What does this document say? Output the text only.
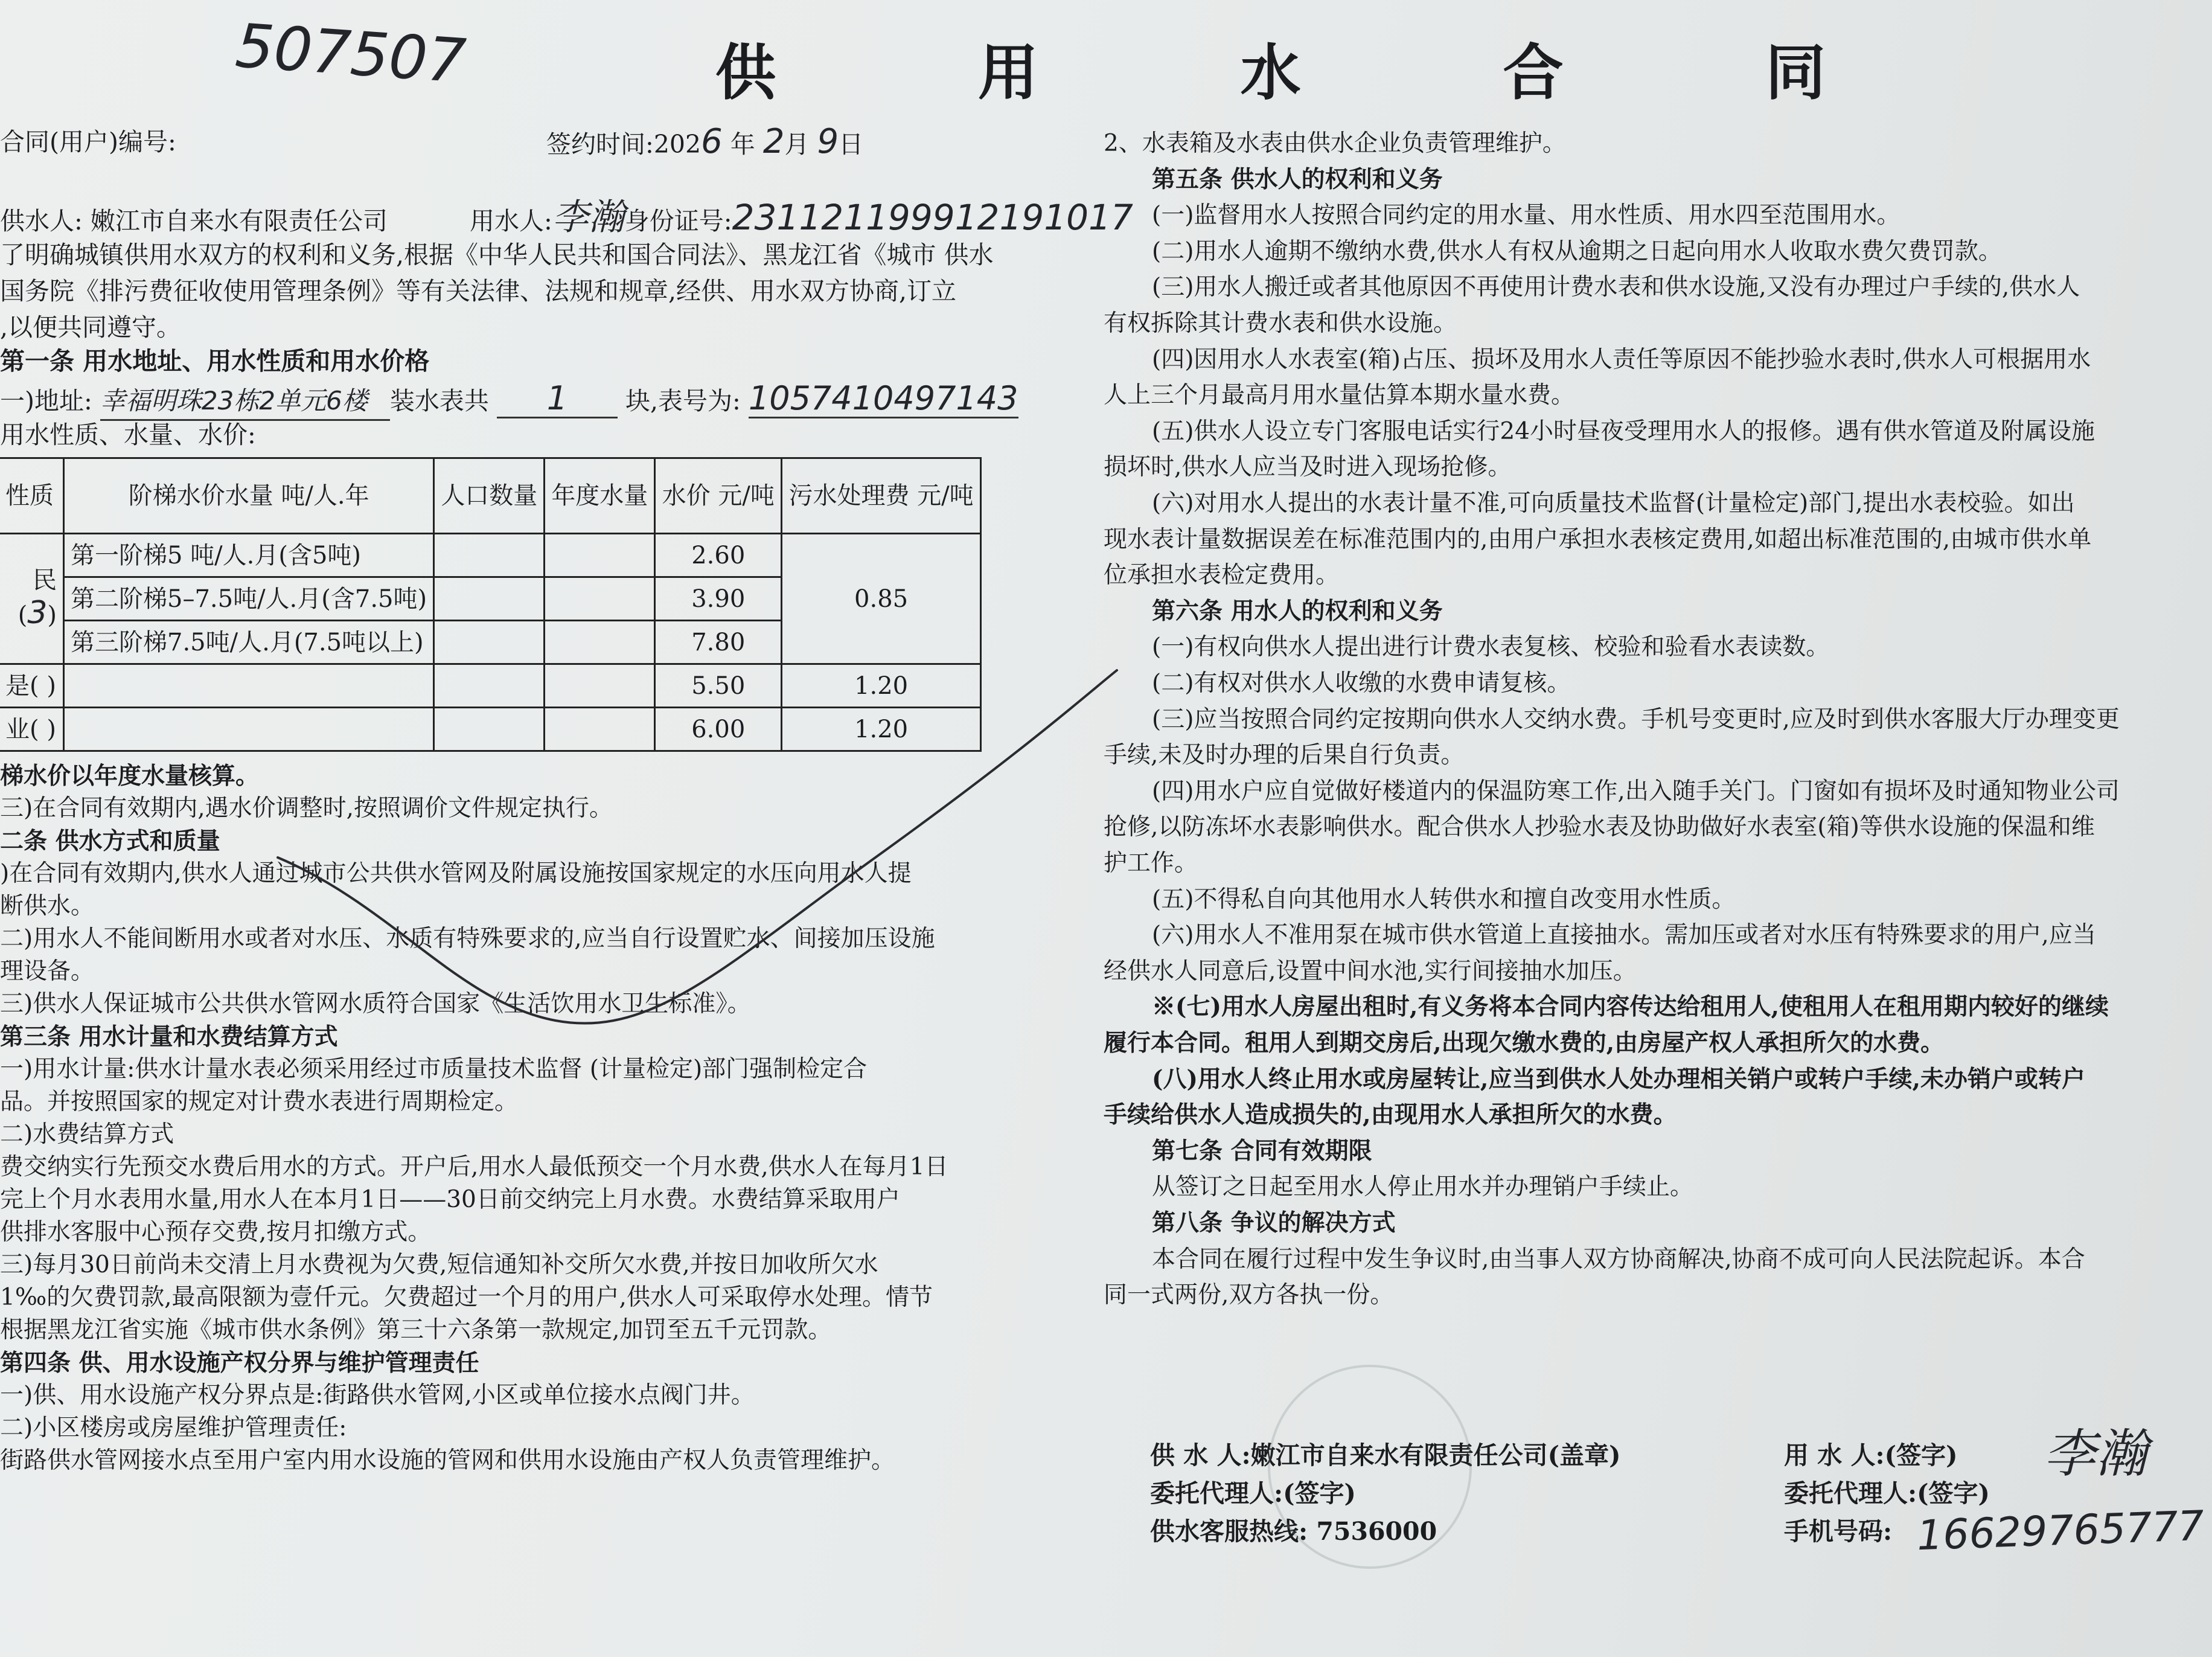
507507	供 用 水 合 同
合同(用户)编号:	签约时间:2026 年 2月 9日
供水人: 嫩江市自来水有限责任公司	用水人:李瀚身份证号:231121199912191017
了明确城镇供用水双方的权利和义务,根据《中华人民共和国合同法》、黑龙江省《城市 供水
国务院《排污费征收使用管理条例》等有关法律、法规和规章,经供、用水双方协商,订立
,以便共同遵守。
第一条 用水地址、用水性质和用水价格
一)地址: 幸福明珠23栋2单元6楼 装水表共 1 块,表号为: 1057410497143
用水性质、水量、水价:
性质	阶梯水价水量 吨/人.年	人口数量	年度水量	水价 元/吨	污水处理费 元/吨

民
(3)	第一阶梯5 吨/人.月(含5吨)			2.60	0.85
	第二阶梯5–7.5吨/人.月(含7.5吨)			3.90	
	第三阶梯7.5吨/人.月(7.5吨以上)			7.80	
是( )				5.50	1.20
业( )				6.00	1.20
梯水价以年度水量核算。
三)在合同有效期内,遇水价调整时,按照调价文件规定执行。
二条 供水方式和质量
)在合同有效期内,供水人通过城市公共供水管网及附属设施按国家规定的水压向用水人提
断供水。
二)用水人不能间断用水或者对水压、水质有特殊要求的,应当自行设置贮水、间接加压设施
理设备。
三)供水人保证城市公共供水管网水质符合国家《生活饮用水卫生标准》。
第三条 用水计量和水费结算方式
一)用水计量:供水计量水表必须采用经过市质量技术监督 (计量检定)部门强制检定合
品。并按照国家的规定对计费水表进行周期检定。
二)水费结算方式
费交纳实行先预交水费后用水的方式。开户后,用水人最低预交一个月水费,供水人在每月1日
完上个月水表用水量,用水人在本月1日——30日前交纳完上月水费。水费结算采取用户
供排水客服中心预存交费,按月扣缴方式。
三)每月30日前尚未交清上月水费视为欠费,短信通知补交所欠水费,并按日加收所欠水
1‰的欠费罚款,最高限额为壹仟元。欠费超过一个月的用户,供水人可采取停水处理。情节
根据黑龙江省实施《城市供水条例》第三十六条第一款规定,加罚至五千元罚款。
第四条 供、用水设施产权分界与维护管理责任
一)供、用水设施产权分界点是:街路供水管网,小区或单位接水点阀门井。
二)小区楼房或房屋维护管理责任:
街路供水管网接水点至用户室内用水设施的管网和供用水设施由产权人负责管理维护。
2、水表箱及水表由供水企业负责管理维护。
第五条 供水人的权利和义务
(一)监督用水人按照合同约定的用水量、用水性质、用水四至范围用水。
(二)用水人逾期不缴纳水费,供水人有权从逾期之日起向用水人收取水费欠费罚款。
(三)用水人搬迁或者其他原因不再使用计费水表和供水设施,又没有办理过户手续的,供水人
有权拆除其计费水表和供水设施。
(四)因用水人水表室(箱)占压、损坏及用水人责任等原因不能抄验水表时,供水人可根据用水
人上三个月最高月用水量估算本期水量水费。
(五)供水人设立专门客服电话实行24小时昼夜受理用水人的报修。遇有供水管道及附属设施
损坏时,供水人应当及时进入现场抢修。
(六)对用水人提出的水表计量不准,可向质量技术监督(计量检定)部门,提出水表校验。如出
现水表计量数据误差在标准范围内的,由用户承担水表核定费用,如超出标准范围的,由城市供水单
位承担水表检定费用。
第六条 用水人的权利和义务
(一)有权向供水人提出进行计费水表复核、校验和验看水表读数。
(二)有权对供水人收缴的水费申请复核。
(三)应当按照合同约定按期向供水人交纳水费。手机号变更时,应及时到供水客服大厅办理变更
手续,未及时办理的后果自行负责。
(四)用水户应自觉做好楼道内的保温防寒工作,出入随手关门。门窗如有损坏及时通知物业公司
抢修,以防冻坏水表影响供水。配合供水人抄验水表及协助做好水表室(箱)等供水设施的保温和维
护工作。
(五)不得私自向其他用水人转供水和擅自改变用水性质。
(六)用水人不准用泵在城市供水管道上直接抽水。需加压或者对水压有特殊要求的用户,应当
经供水人同意后,设置中间水池,实行间接抽水加压。
※(七)用水人房屋出租时,有义务将本合同内容传达给租用人,使租用人在租用期内较好的继续
履行本合同。租用人到期交房后,出现欠缴水费的,由房屋产权人承担所欠的水费。
(八)用水人终止用水或房屋转让,应当到供水人处办理相关销户或转户手续,未办销户或转户
手续给供水人造成损失的,由现用水人承担所欠的水费。
第七条 合同有效期限
从签订之日起至用水人停止用水并办理销户手续止。
第八条 争议的解决方式
本合同在履行过程中发生争议时,由当事人双方协商解决,协商不成可向人民法院起诉。本合
同一式两份,双方各执一份。
供 水 人:嫩江市自来水有限责任公司(盖章)
委托代理人:(签字)
供水客服热线: 7536000
用 水 人:(签字) 李瀚
委托代理人:(签字)
手机号码: 16629765777
